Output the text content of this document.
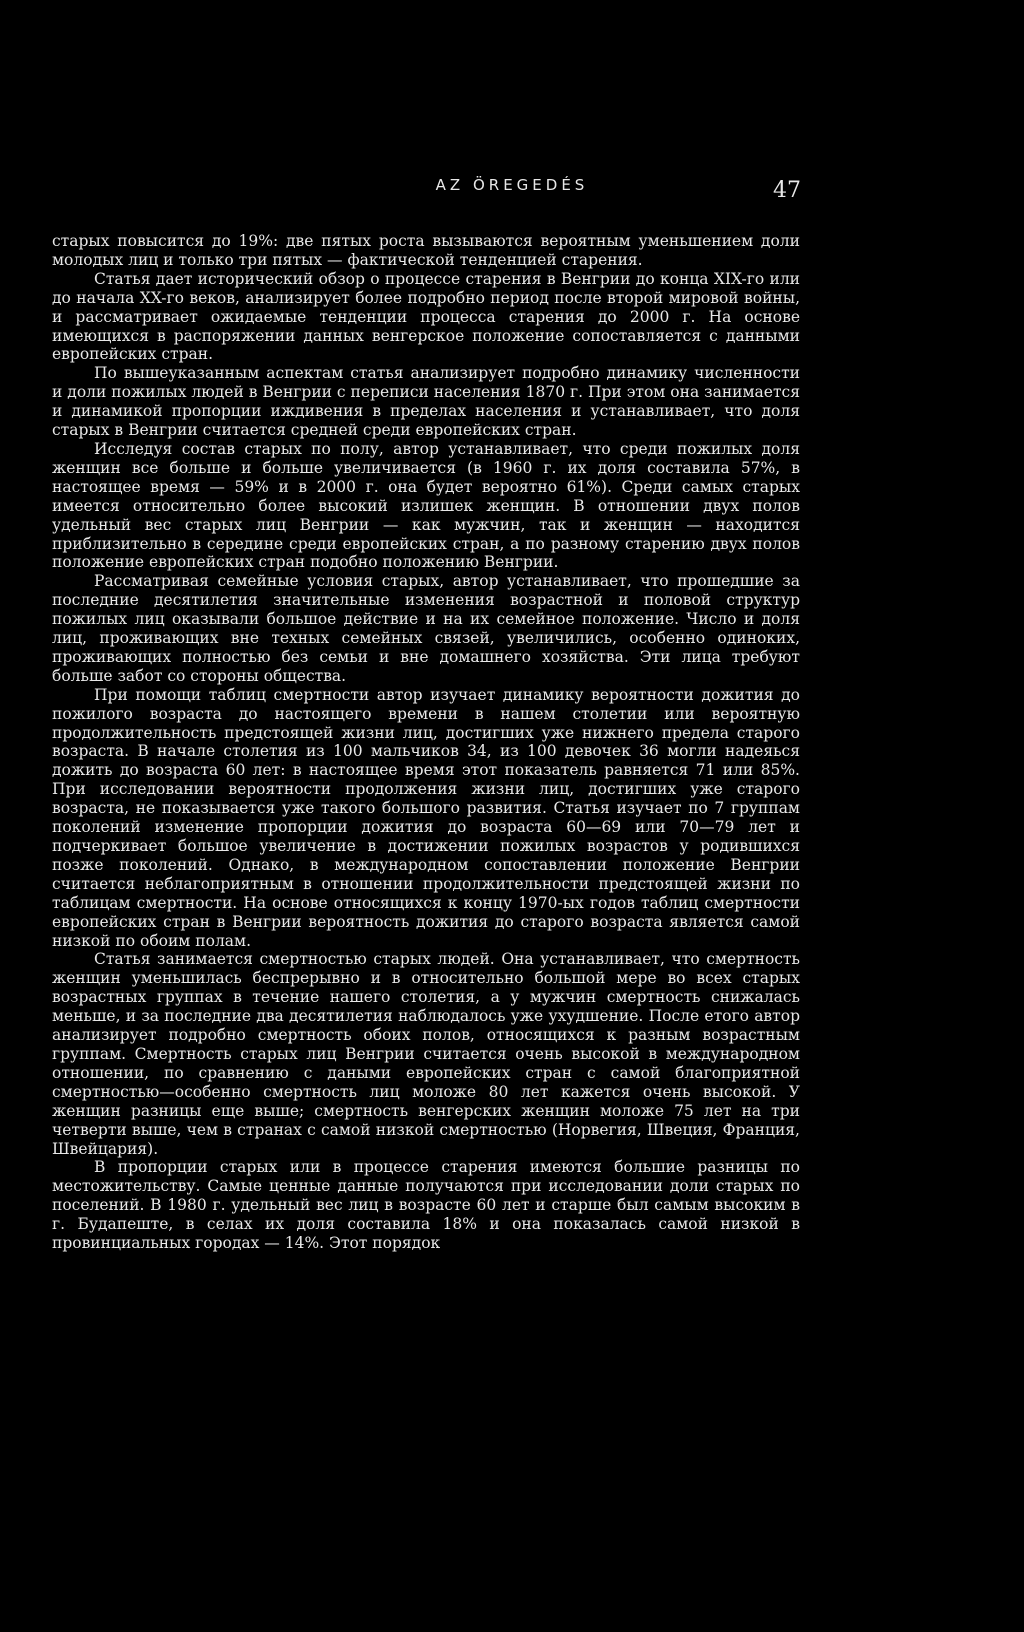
AZ ÖREGEDÉS	47

старых повысится до 19%: две пятых роста вызываются вероятным уменьшением доли молодых лиц и только три пятых — фактической тенденцией старения.

Статья дает исторический обзор о процессе старения в Венгрии до конца XIX-го или до начала XX-го веков, анализирует более подробно период после второй мировой войны, и рассматривает ожидаемые тенденции процесса старения до 2000 г. На основе имеющихся в распоряжении данных венгерское положение сопоставляется с данными европейских стран.

По вышеуказанным аспектам статья анализирует подробно динамику численности и доли пожилых людей в Венгрии с переписи населения 1870 г. При этом она занимается и динамикой пропорции иждивения в пределах населения и устанавливает, что доля старых в Венгрии считается средней среди европейских стран.

Исследуя состав старых по полу, автор устанавливает, что среди пожилых доля женщин все больше и больше увеличивается (в 1960 г. их доля составила 57%, в настоящее время — 59% и в 2000 г. она будет вероятно 61%). Среди самых старых имеется относительно более высокий излишек женщин. В отношении двух полов удельный вес старых лиц Венгрии — как мужчин, так и женщин — находится приблизительно в середине среди европейских стран, а по разному старению двух полов положение европейских стран подобно положению Венгрии.

Рассматривая семейные условия старых, автор устанавливает, что прошедшие за последние десятилетия значительные изменения возрастной и половой структур пожилых лиц оказывали большое действие и на их семейное положение. Число и доля лиц, проживающих вне техных семейных связей, увеличились, особенно одиноких, проживающих полностью без семьи и вне домашнего хозяйства. Эти лица требуют больше забот со стороны общества.

При помощи таблиц смертности автор изучает динамику вероятности дожития до пожилого возраста до настоящего времени в нашем столетии или вероятную продолжительность предстоящей жизни лиц, достигших уже нижнего предела старого возраста. В начале столетия из 100 мальчиков 34, из 100 девочек 36 могли надеяься дожить до возраста 60 лет: в настоящее время этот показатель равняется 71 или 85%. При исследовании вероятности продолжения жизни лиц, достигших уже старого возраста, не показывается уже такого большого развития. Статья изучает по 7 группам поколений изменение пропорции дожития до возраста 60—69 или 70—79 лет и подчеркивает большое увеличение в достижении пожилых возрастов у родившихся позже поколений. Однако, в международном сопоставлении положение Венгрии считается неблагоприятным в отношении продолжительности предстоящей жизни по таблицам смертности. На основе относящихся к концу 1970-ых годов таблиц смертности европейских стран в Венгрии вероятность дожития до старого возраста является самой низкой по обоим полам.

Статья занимается смертностью старых людей. Она устанавливает, что смертность женщин уменьшилась беспрерывно и в относительно большой мере во всех старых возрастных группах в течение нашего столетия, а у мужчин смертность снижалась меньше, и за последние два десятилетия наблюдалось уже ухудшение. После етого автор анализирует подробно смертность обоих полов, относящихся к разным возрастным группам. Смертность старых лиц Венгрии считается очень высокой в международном отношении, по сравнению с даными европейских стран с самой благоприятной смертностью—особенно смертность лиц моложе 80 лет кажется очень высокой. У женщин разницы еще выше; смертность венгерских женщин моложе 75 лет на три четверти выше, чем в странах с самой низкой смертностью (Норвегия, Швеция, Франция, Швейцария).

В пропорции старых или в процессе старения имеются большие разницы по местожительству. Самые ценные данные получаются при исследовании доли старых по поселений. В 1980 г. удельный вес лиц в возрасте 60 лет и старше был самым высоким в г. Будапеште, в селах их доля составила 18% и она показалась самой низкой в провинциальных городах — 14%. Этот порядок
